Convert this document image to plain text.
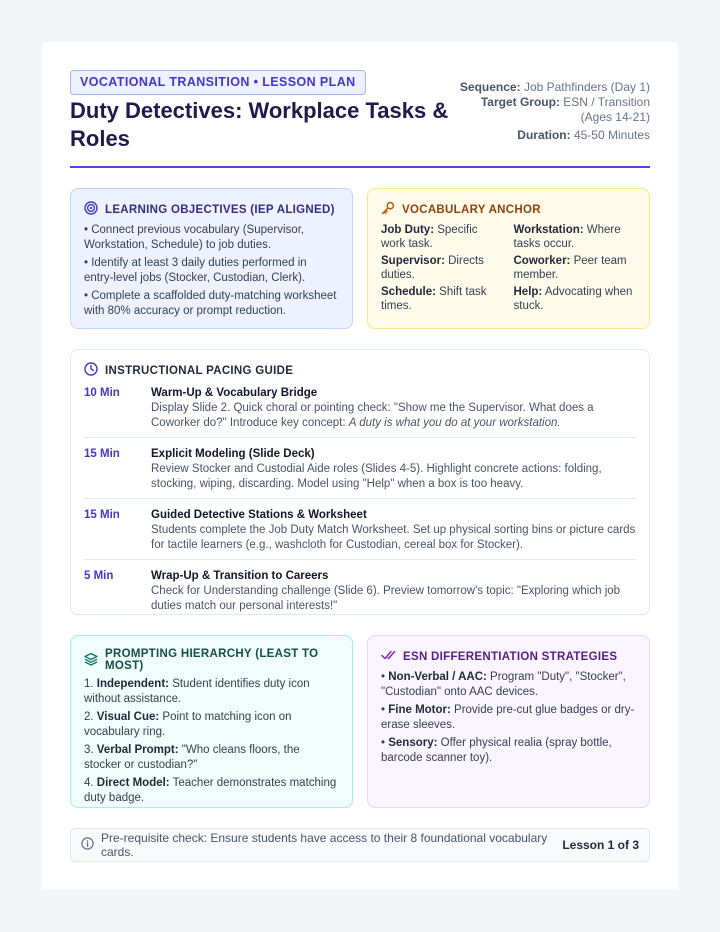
VOCATIONAL TRANSITION • LESSON PLAN
Duty Detectives: Workplace Tasks & Roles
Sequence: Job Pathfinders (Day 1)
Target Group: ESN / Transition (Ages 14-21)
Duration: 45-50 Minutes
LEARNING OBJECTIVES (IEP ALIGNED)
• Connect previous vocabulary (Supervisor, Workstation, Schedule) to job duties.
• Identify at least 3 daily duties performed in entry-level jobs (Stocker, Custodian, Clerk).
• Complete a scaffolded duty-matching worksheet with 80% accuracy or prompt reduction.
VOCABULARY ANCHOR
Job Duty: Specific work task.
Workstation: Where tasks occur.
Supervisor: Directs duties.
Coworker: Peer team member.
Schedule: Shift task times.
Help: Advocating when stuck.
INSTRUCTIONAL PACING GUIDE
10 Min	Warm-Up & Vocabulary Bridge
Display Slide 2. Quick choral or pointing check: "Show me the Supervisor. What does a Coworker do?" Introduce key concept: A duty is what you do at your workstation.
15 Min	Explicit Modeling (Slide Deck)
Review Stocker and Custodial Aide roles (Slides 4-5). Highlight concrete actions: folding, stocking, wiping, discarding. Model using "Help" when a box is too heavy.
15 Min	Guided Detective Stations & Worksheet
Students complete the Job Duty Match Worksheet. Set up physical sorting bins or picture cards for tactile learners (e.g., washcloth for Custodian, cereal box for Stocker).
5 Min	Wrap-Up & Transition to Careers
Check for Understanding challenge (Slide 6). Preview tomorrow's topic: "Exploring which job duties match our personal interests!"
PROMPTING HIERARCHY (LEAST TO MOST)
1. Independent: Student identifies duty icon without assistance.
2. Visual Cue: Point to matching icon on vocabulary ring.
3. Verbal Prompt: "Who cleans floors, the stocker or custodian?"
4. Direct Model: Teacher demonstrates matching duty badge.
ESN DIFFERENTIATION STRATEGIES
• Non-Verbal / AAC: Program "Duty", "Stocker", "Custodian" onto AAC devices.
• Fine Motor: Provide pre-cut glue badges or dry-erase sleeves.
• Sensory: Offer physical realia (spray bottle, barcode scanner toy).
Pre-requisite check: Ensure students have access to their 8 foundational vocabulary cards.	Lesson 1 of 3
